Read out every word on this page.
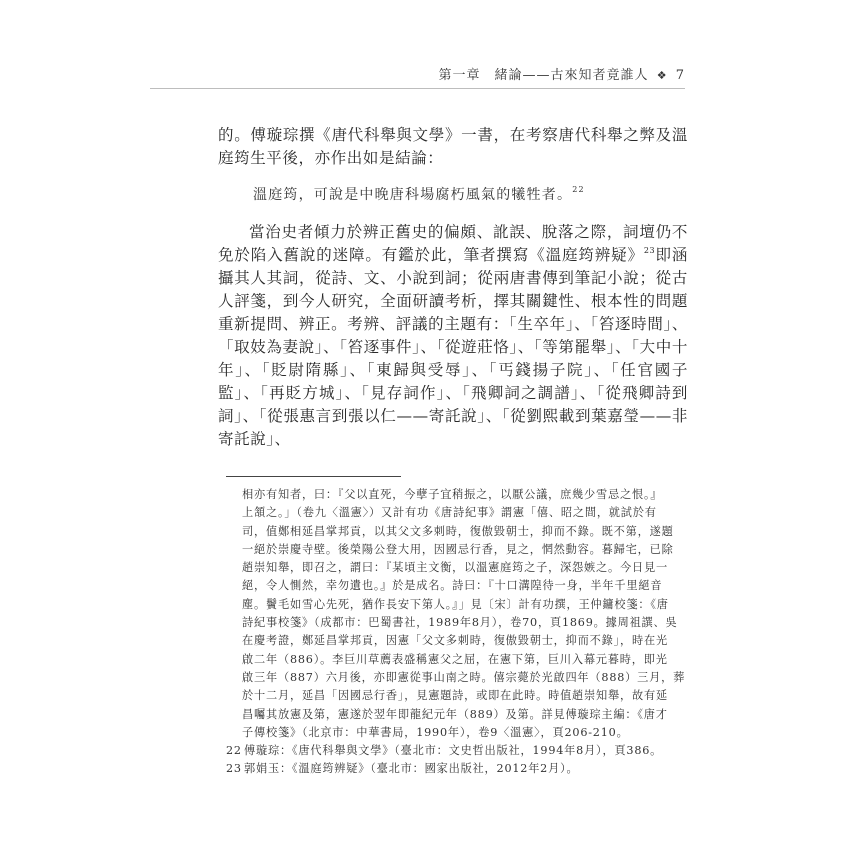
第一章　緒論——古來知者竟誰人 ❖ 7

的。傅璇琮撰《唐代科舉與文學》一書，在考察唐代科舉之弊及溫庭筠生平後，亦作出如是結論：

溫庭筠，可說是中晚唐科場腐朽風氣的犧牲者。$^{22}$

當治史者傾力於辨正舊史的偏頗、訛誤、脫落之際，詞壇仍不免於陷入舊說的迷障。有鑑於此，筆者撰寫《溫庭筠辨疑》$^{23}$即涵攝其人其詞，從詩、文、小說到詞；從兩唐書傳到筆記小說；從古人評箋，到今人研究，全面研讀考析，擇其關鍵性、根本性的問題重新提問、辨正。考辨、評議的主題有：「生卒年」、「笞逐時間」、「取妓為妻說」、「笞逐事件」、「從遊莊恪」、「等第罷舉」、「大中十年」、「貶尉隋縣」、「東歸與受辱」、「丐錢揚子院」、「任官國子監」、「再貶方城」、「見存詞作」、「飛卿詞之調譜」、「從飛卿詩到詞」、「從張惠言到張以仁——寄託說」、「從劉熙載到葉嘉瑩——非寄託說」、

相亦有知者，曰：『父以直死，今孽子宜稍振之，以厭公議，庶幾少雪忌之恨。』
上頷之。」（卷九〈溫憲〉）又計有功《唐詩紀事》謂憲「僖、昭之間，就試於有
司，值鄭相延昌掌邦貢，以其父文多刺時，復傲毀朝士，抑而不錄。既不第，遂題
一絕於崇慶寺壁。後榮陽公登大用，因國忌行香，見之，惘然動容。暮歸宅，已除
趙崇知舉，即召之，謂曰：『某頃主文衡，以溫憲庭筠之子，深怨嫉之。今日見一
絕，令人惻然，幸勿遺也。』於是成名。詩曰：『十口溝隍待一身，半年千里絕音
塵。鬢毛如雪心先死，猶作長安下第人。』」見〔宋〕計有功撰，王仲鏞校箋：《唐
詩紀事校箋》（成都市：巴蜀書社，1989年8月），卷70，頁1869。據周祖譔、吳
在慶考證，鄭延昌掌邦貢，因憲「父文多刺時，復傲毀朝士，抑而不錄」，時在光
啟二年（886）。李巨川草薦表盛稱憲父之屈，在憲下第，巨川入幕元暮時，即光
啟三年（887）六月後，亦即憲從事山南之時。僖宗薨於光啟四年（888）三月，葬
於十二月，延昌「因國忌行香」，見憲題詩，或即在此時。時值趙崇知舉，故有延
昌囑其放憲及第，憲遂於翌年即龍紀元年（889）及第。詳見傅璇琮主編：《唐才
子傳校箋》（北京市：中華書局，1990年），卷9〈溫憲〉，頁206-210。

22 傅璇琮：《唐代科舉與文學》（臺北市：文史哲出版社，1994年8月），頁386。

23 郭娟玉：《溫庭筠辨疑》（臺北市：國家出版社，2012年2月）。
